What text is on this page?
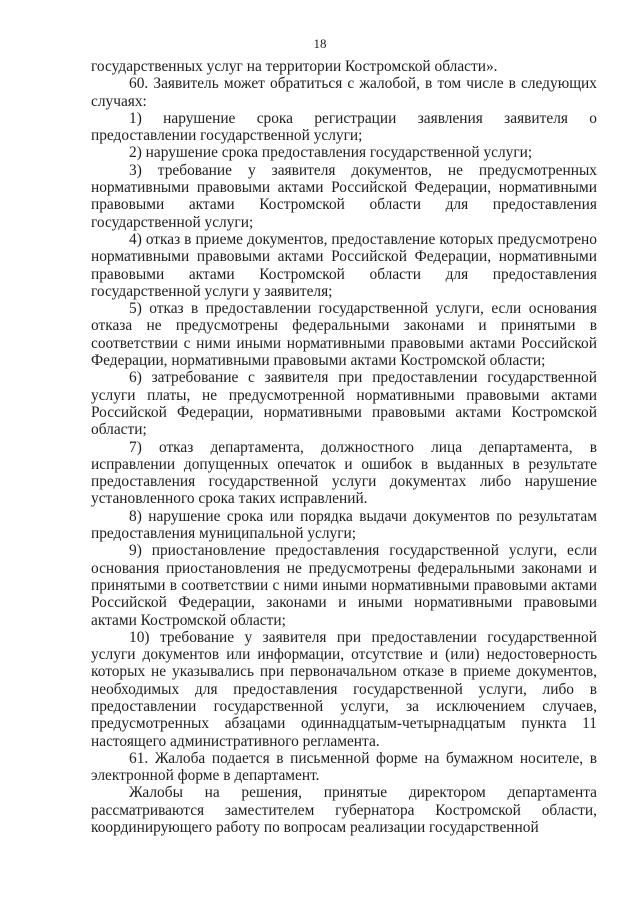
18

государственных услуг на территории Костромской области».

60. Заявитель может обратиться с жалобой, в том числе в следующих случаях:

1) нарушение срока регистрации заявления заявителя о предоставлении государственной услуги;

2) нарушение срока предоставления государственной услуги;

3) требование у заявителя документов, не предусмотренных нормативными правовыми актами Российской Федерации, нормативными правовыми актами Костромской области для предоставления государственной услуги;

4) отказ в приеме документов, предоставление которых предусмотрено нормативными правовыми актами Российской Федерации, нормативными правовыми актами Костромской области для предоставления государственной услуги у заявителя;

5) отказ в предоставлении государственной услуги, если основания отказа не предусмотрены федеральными законами и принятыми в соответствии с ними иными нормативными правовыми актами Российской Федерации, нормативными правовыми актами Костромской области;

6) затребование с заявителя при предоставлении государственной услуги платы, не предусмотренной нормативными правовыми актами Российской Федерации, нормативными правовыми актами Костромской области;

7) отказ департамента, должностного лица департамента, в исправлении допущенных опечаток и ошибок в выданных в результате предоставления государственной услуги документах либо нарушение установленного срока таких исправлений.

8) нарушение срока или порядка выдачи документов по результатам предоставления муниципальной услуги;

9) приостановление предоставления государственной услуги, если основания приостановления не предусмотрены федеральными законами и принятыми в соответствии с ними иными нормативными правовыми актами Российской Федерации, законами и иными нормативными правовыми актами Костромской области;

10) требование у заявителя при предоставлении государственной услуги документов или информации, отсутствие и (или) недостоверность которых не указывались при первоначальном отказе в приеме документов, необходимых для предоставления государственной услуги, либо в предоставлении государственной услуги, за исключением случаев, предусмотренных абзацами одиннадцатым-четырнадцатым пункта 11 настоящего административного регламента.

61. Жалоба подается в письменной форме на бумажном носителе, в электронной форме в департамент.

Жалобы на решения, принятые директором департамента рассматриваются заместителем губернатора Костромской области, координирующего работу по вопросам реализации государственной
